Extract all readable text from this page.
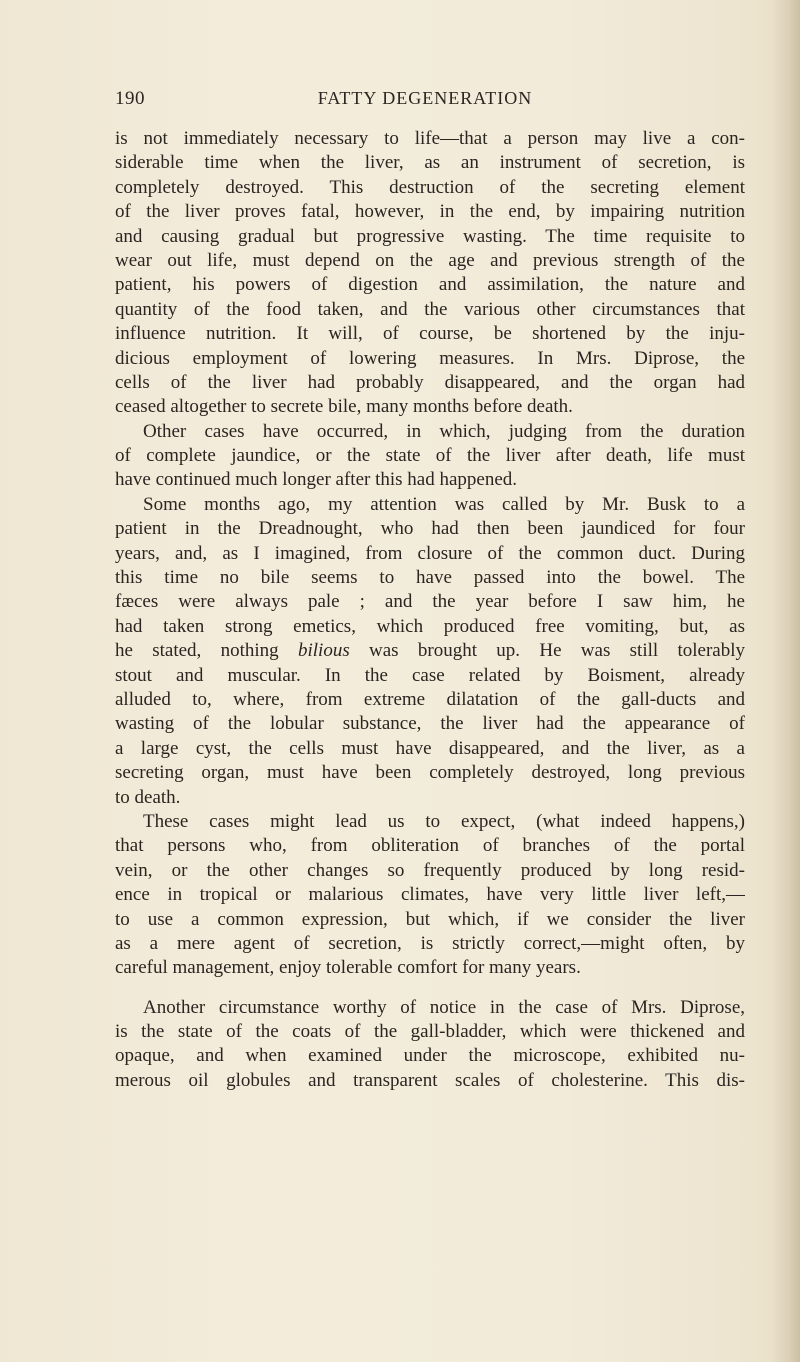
FATTY DEGENERATION
190
is not immediately necessary to life—that a person may live a con-
siderable time when the liver, as an instrument of secretion, is
completely destroyed. This destruction of the secreting element
of the liver proves fatal, however, in the end, by impairing nutrition
and causing gradual but progressive wasting. The time requisite to
wear out life, must depend on the age and previous strength of the
patient, his powers of digestion and assimilation, the nature and
quantity of the food taken, and the various other circumstances that
influence nutrition. It will, of course, be shortened by the inju-
dicious employment of lowering measures. In Mrs. Diprose, the
cells of the liver had probably disappeared, and the organ had
ceased altogether to secrete bile, many months before death.
Other cases have occurred, in which, judging from the duration
of complete jaundice, or the state of the liver after death, life must
have continued much longer after this had happened.
Some months ago, my attention was called by Mr. Busk to a
patient in the Dreadnought, who had then been jaundiced for four
years, and, as I imagined, from closure of the common duct. During
this time no bile seems to have passed into the bowel. The
fæces were always pale ; and the year before I saw him, he
had taken strong emetics, which produced free vomiting, but, as
he stated, nothing bilious was brought up. He was still tolerably
stout and muscular. In the case related by Boisment, already
alluded to, where, from extreme dilatation of the gall-ducts and
wasting of the lobular substance, the liver had the appearance of
a large cyst, the cells must have disappeared, and the liver, as a
secreting organ, must have been completely destroyed, long previous
to death.
These cases might lead us to expect, (what indeed happens,)
that persons who, from obliteration of branches of the portal
vein, or the other changes so frequently produced by long resid-
ence in tropical or malarious climates, have very little liver left,—
to use a common expression, but which, if we consider the liver
as a mere agent of secretion, is strictly correct,—might often, by
careful management, enjoy tolerable comfort for many years.
Another circumstance worthy of notice in the case of Mrs. Diprose,
is the state of the coats of the gall-bladder, which were thickened and
opaque, and when examined under the microscope, exhibited nu-
merous oil globules and transparent scales of cholesterine. This dis-
